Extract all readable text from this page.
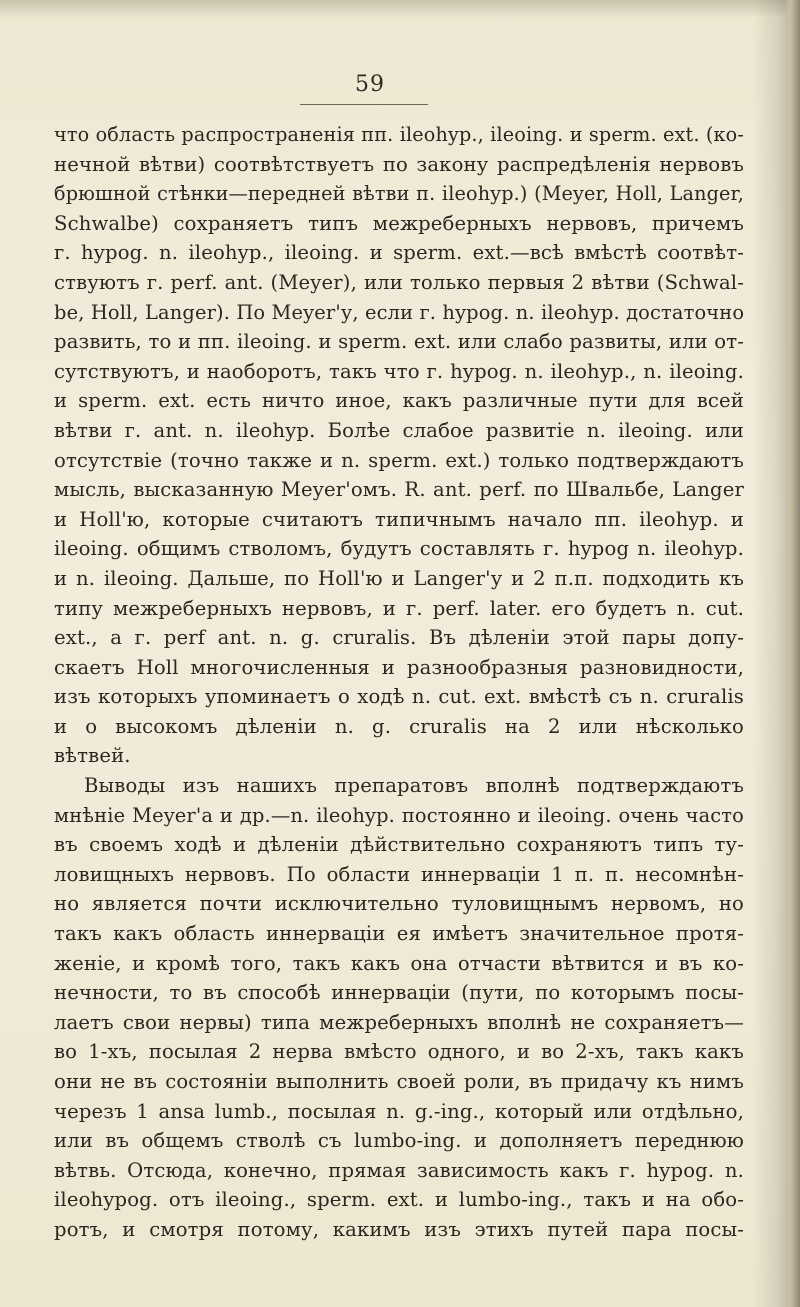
59
что область распространенія пп. ileohyp., ileoing. и sperm. ext. (ко-
нечной вѣтви) соотвѣтствуетъ по закону распредѣленія нервовъ
брюшной стѣнки—передней вѣтви п. ileohyp.) (Meyer, Holl, Langer,
Schwalbe) сохраняетъ типъ межреберныхъ нервовъ, причемъ
г. hypog. n. ileohyp., ileoing. и sperm. ext.—всѣ вмѣстѣ соотвѣт-
ствуютъ г. perf. ant. (Meyer), или только первыя 2 вѣтви (Schwal-
be, Holl, Langer). По Meyer'у, если г. hypog. n. ileohyp. достаточно
развить, то и пп. ileoing. и sperm. ext. или слабо развиты, или от-
сутствуютъ, и наоборотъ, такъ что г. hypog. n. ileohyp., n. ileoing.
и sperm. ext. есть ничто иное, какъ различные пути для всей
вѣтви г. ant. n. ileohyp. Болѣе слабое развитіе n. ileoing. или
отсутствіе (точно также и n. sperm. ext.) только подтверждаютъ
мысль, высказанную Meyer'омъ. R. ant. perf. по Швальбе, Langer
и Holl'ю, которые считаютъ типичнымъ начало пп. ileohyp. и
ileoing. общимъ стволомъ, будутъ составлять г. hypog n. ileohyp.
и n. ileoing. Дальше, по Holl'ю и Langer'у и 2 п.п. подходить къ
типу межреберныхъ нервовъ, и г. perf. later. его будетъ n. cut.
ext., а г. perf ant. n. g. cruralis. Въ дѣленіи этой пары допу-
скаетъ Holl многочисленныя и разнообразныя разновидности,
изъ которыхъ упоминаетъ о ходѣ n. cut. ext. вмѣстѣ съ n. cruralis
и о высокомъ дѣленіи n. g. cruralis на 2 или нѣсколько
вѣтвей.
Выводы изъ нашихъ препаратовъ вполнѣ подтверждаютъ
мнѣніе Meyer'a и др.—n. ileohyp. постоянно и ileoing. очень часто
въ своемъ ходѣ и дѣленіи дѣйствительно сохраняютъ типъ ту-
ловищныхъ нервовъ. По области иннерваціи 1 п. п. несомнѣн-
но является почти исключительно туловищнымъ нервомъ, но
такъ какъ область иннерваціи ея имѣетъ значительное протя-
женіе, и кромѣ того, такъ какъ она отчасти вѣтвится и въ ко-
нечности, то въ способѣ иннерваціи (пути, по которымъ посы-
лаетъ свои нервы) типа межреберныхъ вполнѣ не сохраняетъ—
во 1-хъ, посылая 2 нерва вмѣсто одного, и во 2-хъ, такъ какъ
они не въ состояніи выполнить своей роли, въ придачу къ нимъ
черезъ 1 ansa lumb., посылая n. g.-ing., который или отдѣльно,
или въ общемъ стволѣ съ lumbo-ing. и дополняетъ переднюю
вѣтвь. Отсюда, конечно, прямая зависимость какъ г. hypog. n.
ileohypog. отъ ileoing., sperm. ext. и lumbo-ing., такъ и на обо-
ротъ, и смотря потому, какимъ изъ этихъ путей пара посы-
